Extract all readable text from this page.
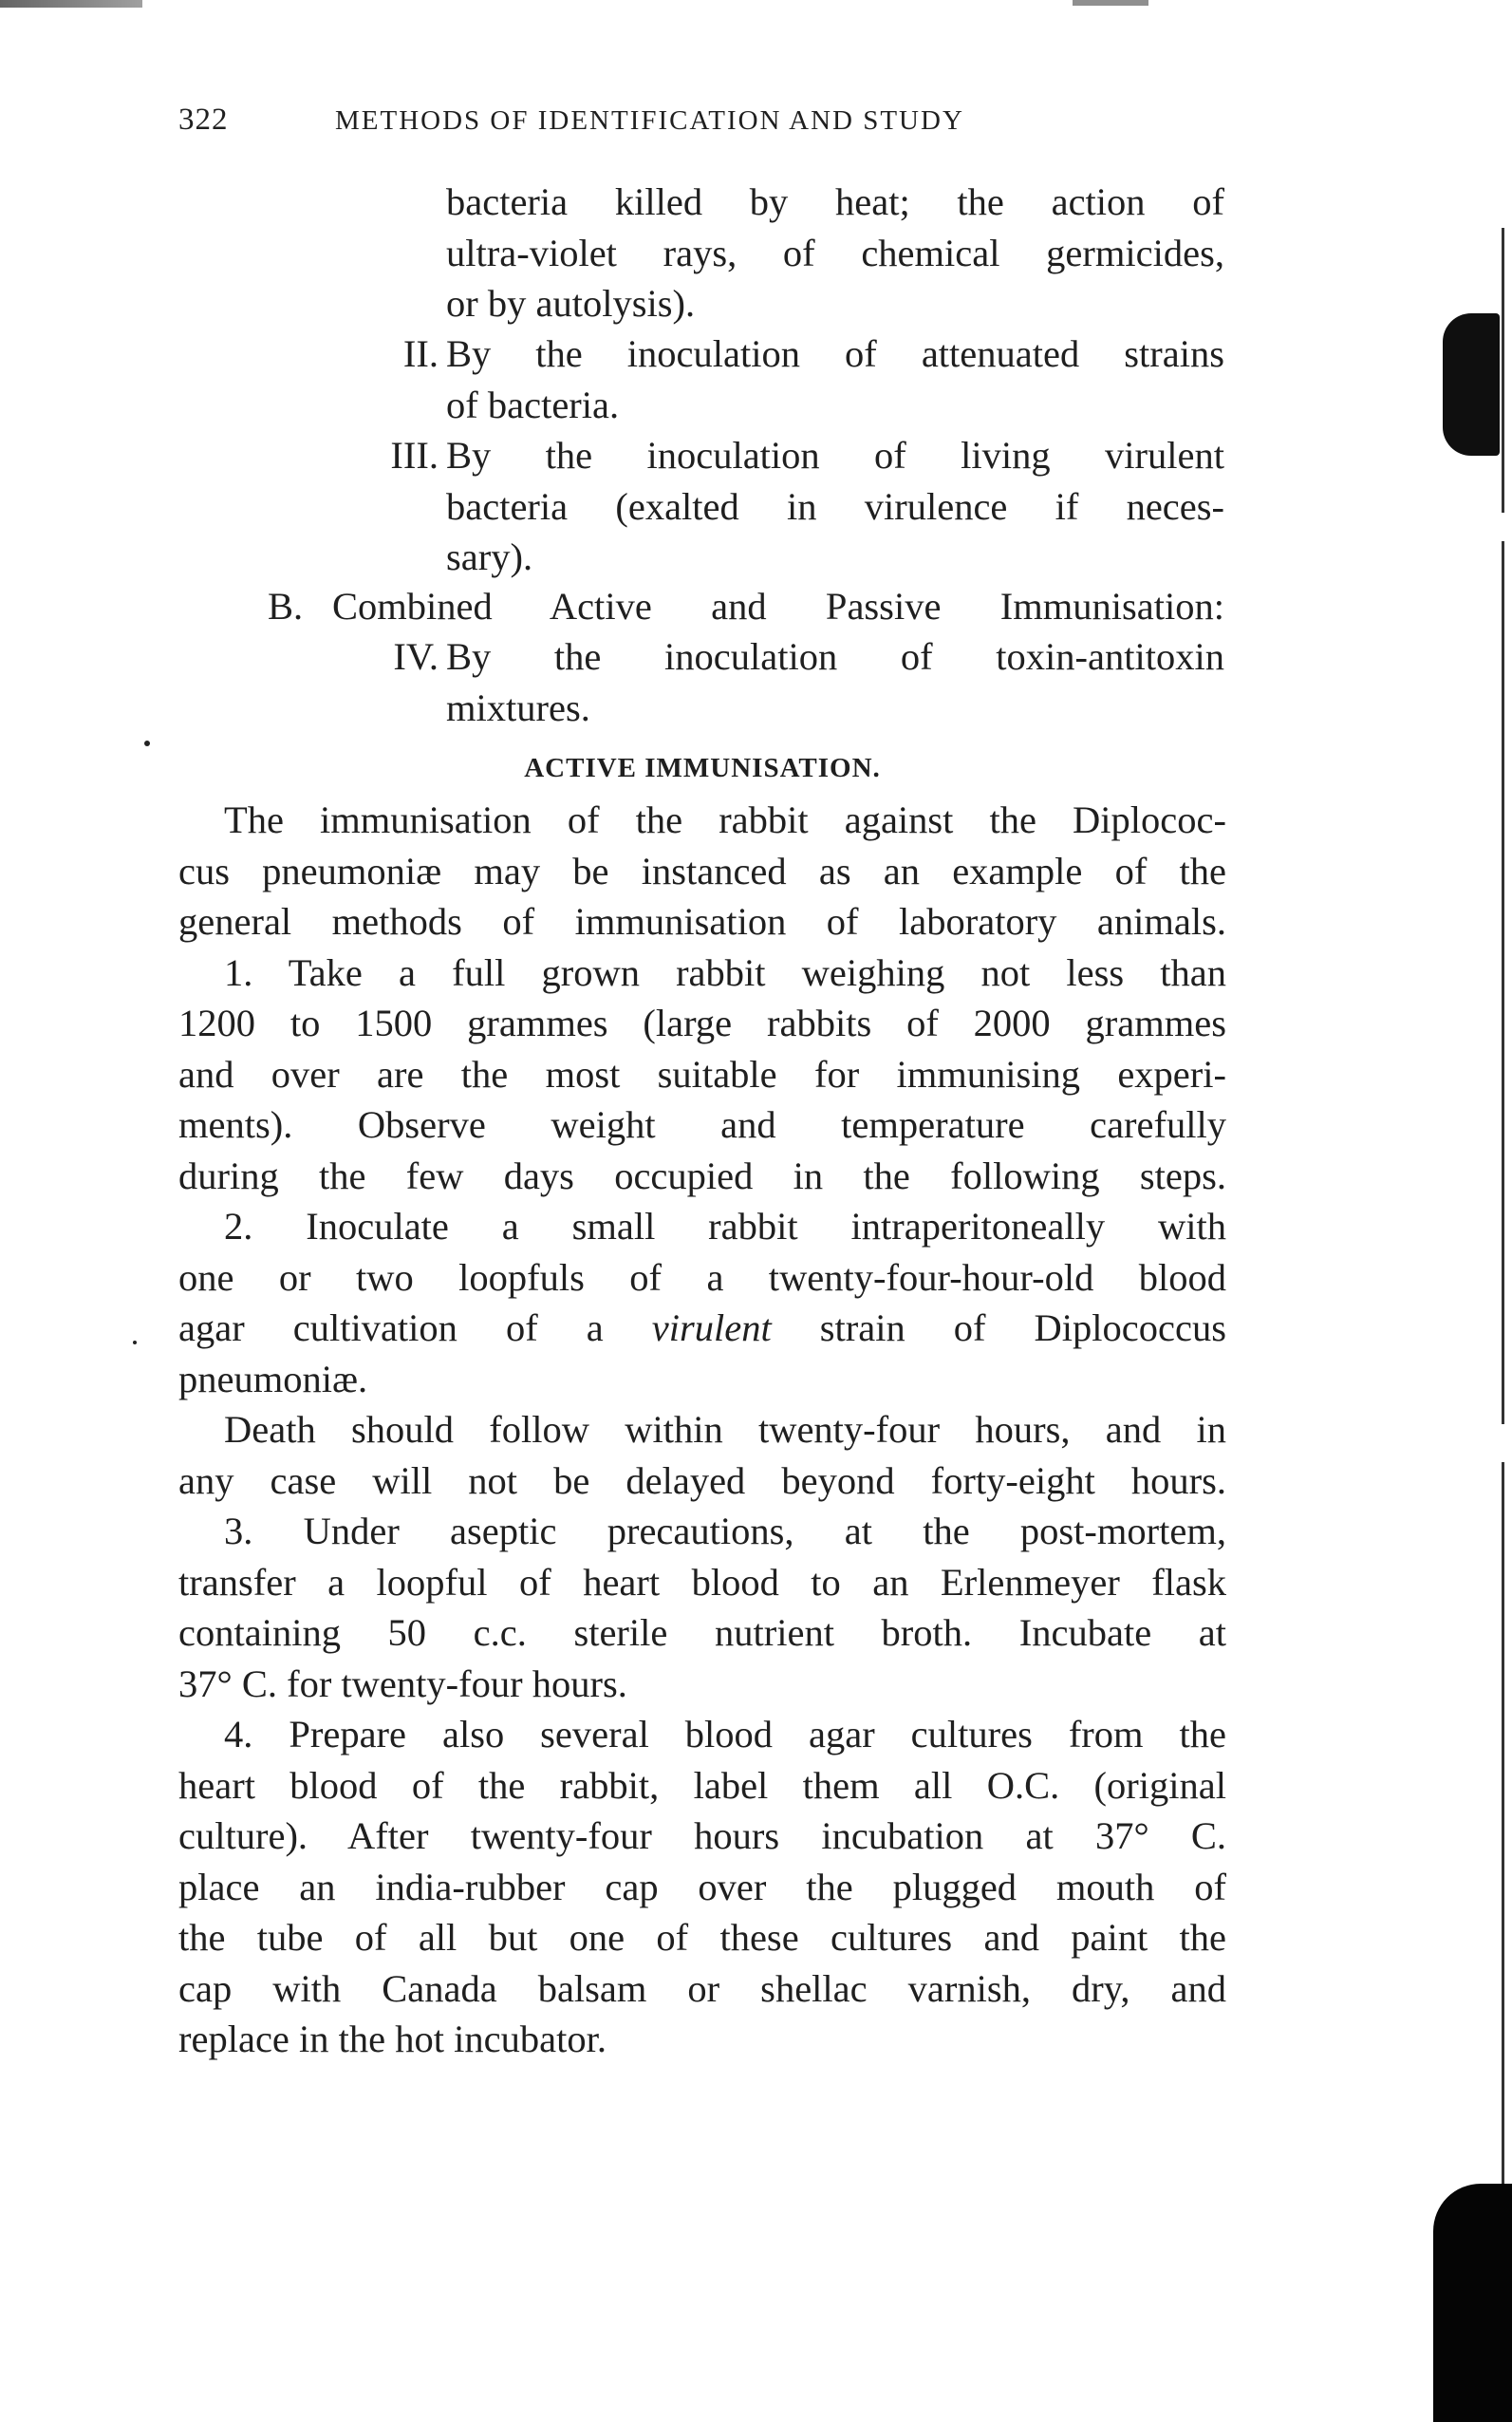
322	METHODS OF IDENTIFICATION AND STUDY
bacteria killed by heat; the action of
ultra-violet rays, of chemical germicides,
or by autolysis).
II. By the inoculation of attenuated strains
of bacteria.
III. By the inoculation of living virulent
bacteria (exalted in virulence if neces-
sary).
B. Combined Active and Passive Immunisation:
IV. By the inoculation of toxin-antitoxin
mixtures.
ACTIVE IMMUNISATION.
The immunisation of the rabbit against the Diplococ-
cus pneumoniæ may be instanced as an example of the
general methods of immunisation of laboratory animals.
1. Take a full grown rabbit weighing not less than
1200 to 1500 grammes (large rabbits of 2000 grammes
and over are the most suitable for immunising experi-
ments). Observe weight and temperature carefully
during the few days occupied in the following steps.
2. Inoculate a small rabbit intraperitoneally with
one or two loopfuls of a twenty-four-hour-old blood
agar cultivation of a virulent strain of Diplococcus
pneumoniæ.
Death should follow within twenty-four hours, and in
any case will not be delayed beyond forty-eight hours.
3. Under aseptic precautions, at the post-mortem,
transfer a loopful of heart blood to an Erlenmeyer flask
containing 50 c.c. sterile nutrient broth. Incubate at
37° C. for twenty-four hours.
4. Prepare also several blood agar cultures from the
heart blood of the rabbit, label them all O.C. (original
culture). After twenty-four hours incubation at 37° C.
place an india-rubber cap over the plugged mouth of
the tube of all but one of these cultures and paint the
cap with Canada balsam or shellac varnish, dry, and
replace in the hot incubator.
